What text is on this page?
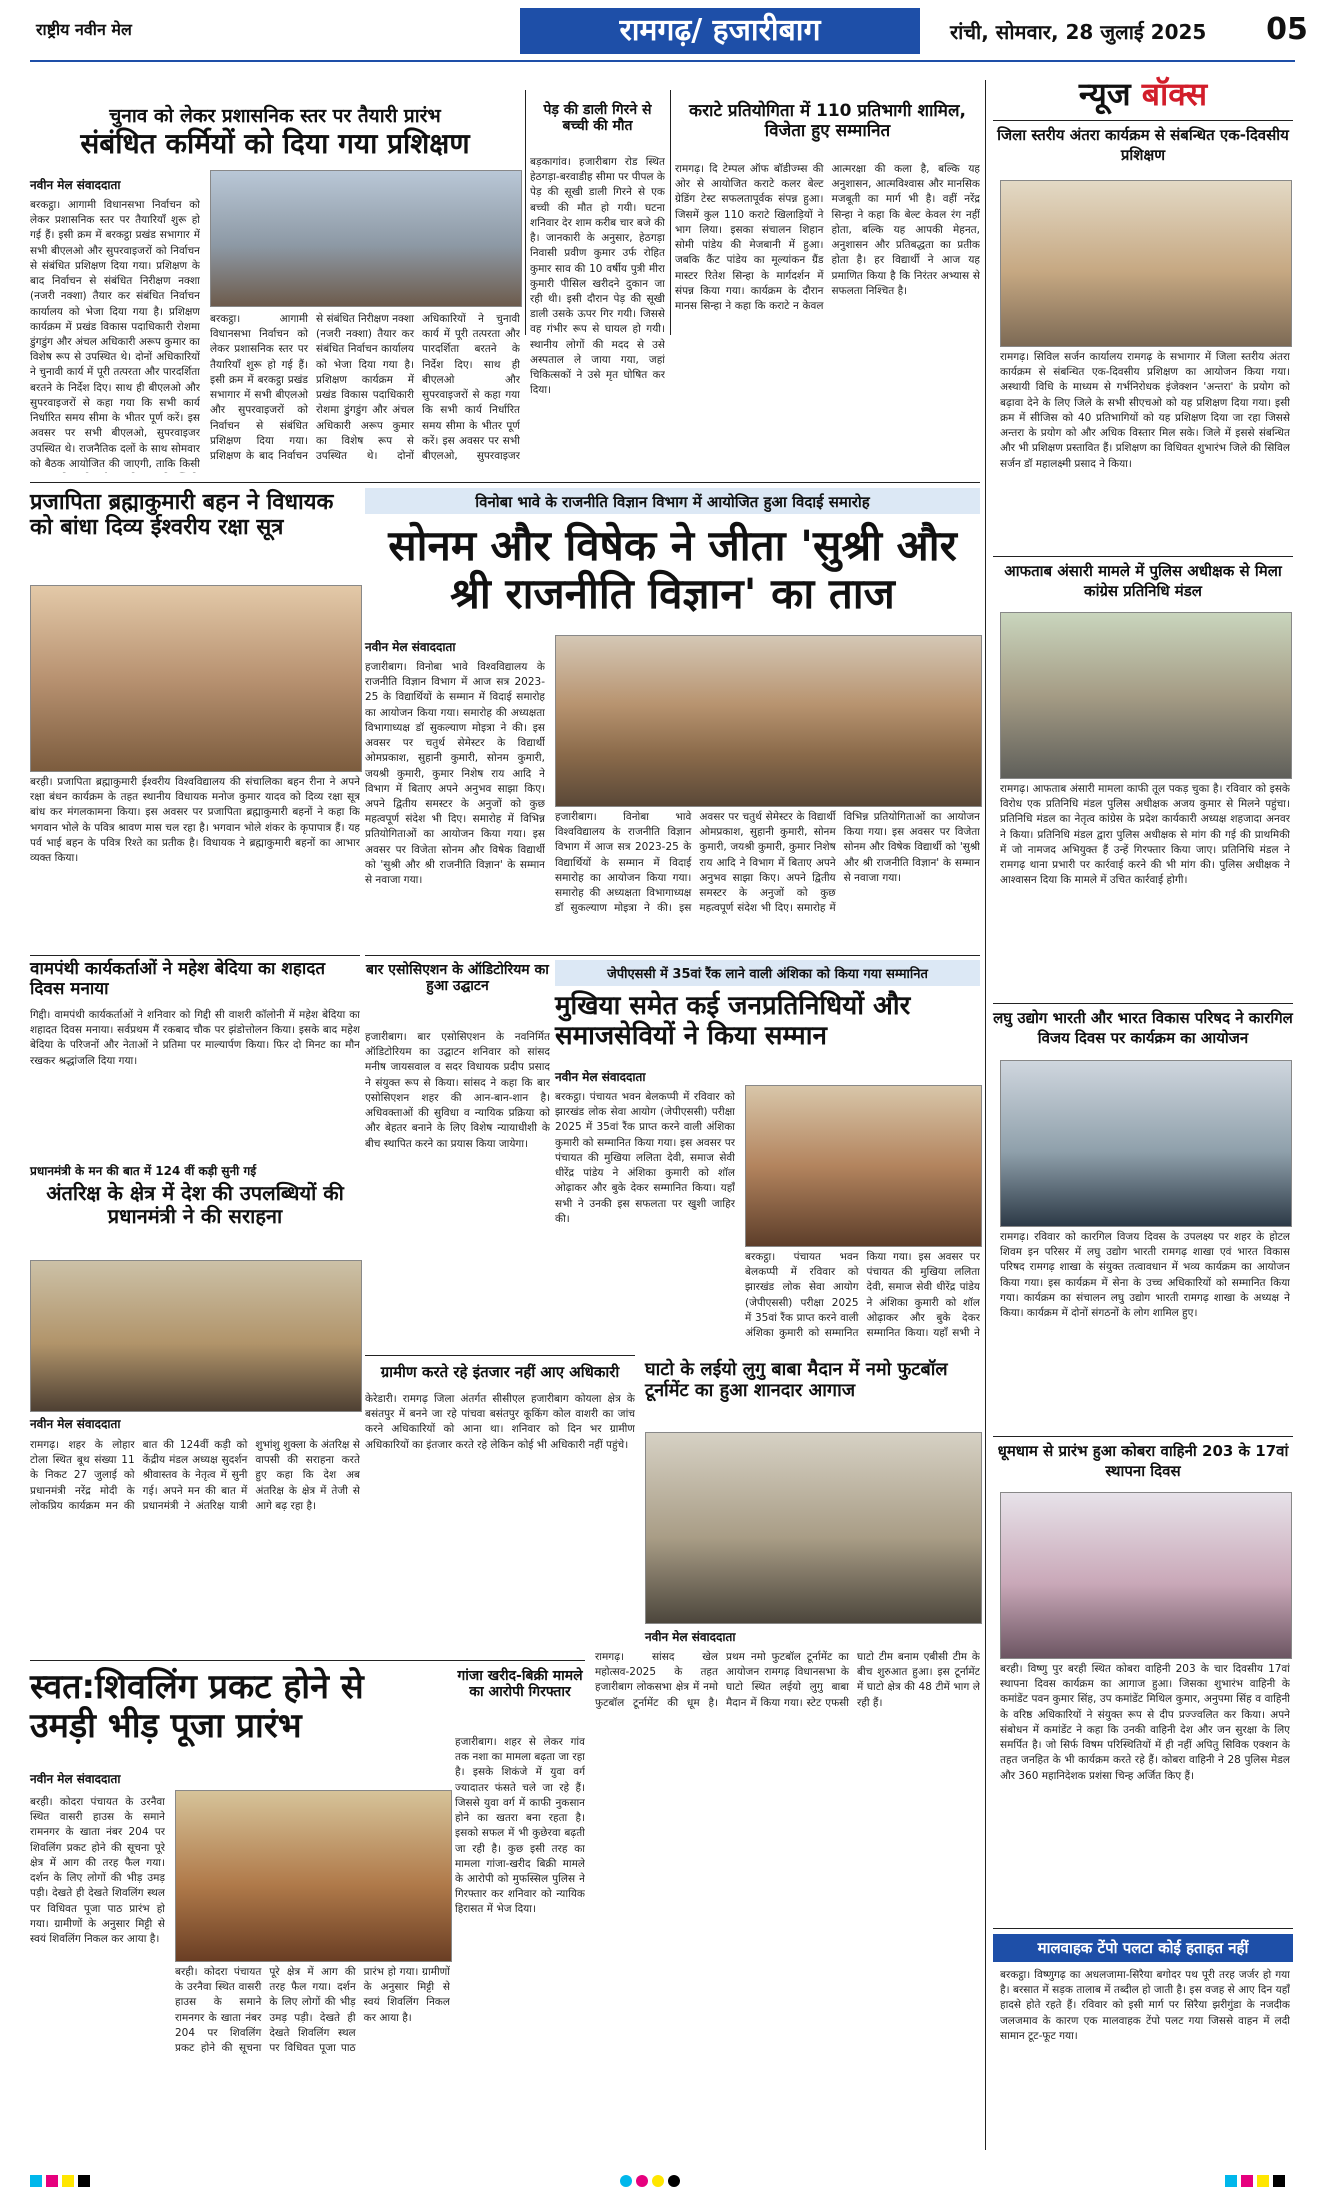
राष्ट्रीय नवीन मेल	रामगढ़/ हजारीबाग	रांची, सोमवार, 28 जुलाई 2025 05
चुनाव को लेकर प्रशासनिक स्तर पर तैयारी प्रारंभ
संबंधित कर्मियों को दिया गया प्रशिक्षण
नवीन मेल संवाददाता
बरकट्ठा। आगामी विधानसभा निर्वाचन को लेकर प्रशासनिक स्तर पर तैयारियाँ शुरू हो गई हैं। इसी क्रम में बरकट्ठा प्रखंड सभागार में सभी बीएलओ और सुपरवाइजरों को निर्वाचन से संबंधित प्रशिक्षण दिया गया। प्रशिक्षण के बाद निर्वाचन से संबंधित निरीक्षण नक्शा (नजरी नक्शा) तैयार कर संबंधित निर्वाचन कार्यालय को भेजा दिया गया है। प्रशिक्षण कार्यक्रम में प्रखंड विकास पदाधिकारी रोशमा डुंगडुंग और अंचल अधिकारी अरूप कुमार का विशेष रूप से उपस्थित थे। दोनों अधिकारियों ने चुनावी कार्य में पूरी तत्परता और पारदर्शिता बरतने के निर्देश दिए। साथ ही बीएलओ और सुपरवाइजरों से कहा गया कि सभी कार्य निर्धारित समय सीमा के भीतर पूर्ण करें। इस अवसर पर सभी बीएलओ, सुपरवाइजर उपस्थित थे। राजनैतिक दलों के साथ सोमवार को बैठक आयोजित की जाएगी, ताकि किसी
बरकट्ठा। आगामी विधानसभा निर्वाचन को लेकर प्रशासनिक स्तर पर तैयारियाँ शुरू हो गई हैं। इसी क्रम में बरकट्ठा प्रखंड सभागार में सभी बीएलओ और सुपरवाइजरों को निर्वाचन से संबंधित प्रशिक्षण दिया गया। प्रशिक्षण के बाद निर्वाचन से संबंधित निरीक्षण नक्शा (नजरी नक्शा) तैयार कर संबंधित निर्वाचन कार्यालय को भेजा दिया गया है। प्रशिक्षण कार्यक्रम में प्रखंड विकास पदाधिकारी रोशमा डुंगडुंग और अंचल अधिकारी अरूप कुमार का विशेष रूप से उपस्थित थे। दोनों अधिकारियों ने चुनावी कार्य में पूरी तत्परता और पारदर्शिता बरतने के निर्देश दिए। साथ ही बीएलओ और सुपरवाइजरों से कहा गया कि सभी कार्य निर्धारित समय सीमा के भीतर पूर्ण करें। इस अवसर पर सभी बीएलओ, सुपरवाइजर
पेड़ की डाली गिरने से बच्ची की मौत
बड़कागांव। हजारीबाग रोड स्थित हेठगड़ा-बरवाडीह सीमा पर पीपल के पेड़ की सूखी डाली गिरने से एक बच्ची की मौत हो गयी। घटना शनिवार देर शाम करीब चार बजे की है। जानकारी के अनुसार, हेठगड़ा निवासी प्रवीण कुमार उर्फ रोहित कुमार साव की 10 वर्षीय पुत्री मीरा कुमारी पीसिल खरीदने दुकान जा रही थी। इसी दौरान पेड़ की सूखी डाली उसके ऊपर गिर गयी। जिससे वह गंभीर रूप से घायल हो गयी। स्थानीय लोगों की मदद से उसे अस्पताल ले जाया गया, जहां चिकित्सकों ने उसे मृत घोषित कर दिया।
कराटे प्रतियोगिता में 110 प्रतिभागी शामिल, विजेता हुए सम्मानित
रामगढ़। दि टेम्पल ऑफ बॉडीज्म्स की ओर से आयोजित कराटे कलर बेल्ट ग्रेडिंग टेस्ट सफलतापूर्वक संपन्न हुआ। जिसमें कुल 110 कराटे खिलाड़ियों ने भाग लिया। इसका संचालन शिहान सोमी पांडेय की मेजबानी में हुआ। जबकि कैंट पांडेय का मूल्यांकन ग्रैंड मास्टर रितेश सिन्हा के मार्गदर्शन में संपन्न किया गया। कार्यक्रम के दौरान मानस सिन्हा ने कहा कि कराटे न केवल आत्मरक्षा की कला है, बल्कि यह अनुशासन, आत्मविश्वास और मानसिक मजबूती का मार्ग भी है। वहीं नरेंद्र सिन्हा ने कहा कि बेल्ट केवल रंग नहीं होता, बल्कि यह आपकी मेहनत, अनुशासन और प्रतिबद्धता का प्रतीक होता है। हर विद्यार्थी ने आज यह प्रमाणित किया है कि निरंतर अभ्यास से सफलता निश्चित है।
न्यूज बॉक्स
जिला स्तरीय अंतरा कार्यक्रम से संबन्धित एक-दिवसीय प्रशिक्षण
रामगढ़। सिविल सर्जन कार्यालय रामगढ़ के सभागार में जिला स्तरीय अंतरा कार्यक्रम से संबन्धित एक-दिवसीय प्रशिक्षण का आयोजन किया गया। अस्थायी विधि के माध्यम से गर्भनिरोधक इंजेक्शन 'अन्तरा' के प्रयोग को बढ़ावा देने के लिए जिले के सभी सीएचओ को यह प्रशिक्षण दिया गया। इसी क्रम में सीजिस को 40 प्रतिभागियों को यह प्रशिक्षण दिया जा रहा जिससे अन्तरा के प्रयोग को और अधिक विस्तार मिल सके। जिले में इससे संबन्धित और भी प्रशिक्षण प्रस्तावित हैं। प्रशिक्षण का विधिवत शुभारंभ जिले की सिविल सर्जन डॉ महालक्ष्मी प्रसाद ने किया।
आफताब अंसारी मामले में पुलिस अधीक्षक से मिला कांग्रेस प्रतिनिधि मंडल
रामगढ़। आफताब अंसारी मामला काफी तूल पकड़ चुका है। रविवार को इसके विरोध एक प्रतिनिधि मंडल पुलिस अधीक्षक अजय कुमार से मिलने पहुंचा। प्रतिनिधि मंडल का नेतृत्व कांग्रेस के प्रदेश कार्यकारी अध्यक्ष शहजादा अनवर ने किया। प्रतिनिधि मंडल द्वारा पुलिस अधीक्षक से मांग की गई की प्राथमिकी में जो नामजद अभियुक्त हैं उन्हें गिरफ्तार किया जाए। प्रतिनिधि मंडल ने रामगढ़ थाना प्रभारी पर कार्रवाई करने की भी मांग की। पुलिस अधीक्षक ने आश्वासन दिया कि मामले में उचित कार्रवाई होगी।
लघु उद्योग भारती और भारत विकास परिषद ने कारगिल विजय दिवस पर कार्यक्रम का आयोजन
रामगढ़। रविवार को कारगिल विजय दिवस के उपलक्ष्य पर शहर के होटल शिवम इन परिसर में लघु उद्योग भारती रामगढ़ शाखा एवं भारत विकास परिषद रामगढ़ शाखा के संयुक्त तत्वावधान में भव्य कार्यक्रम का आयोजन किया गया। इस कार्यक्रम में सेना के उच्च अधिकारियों को सम्मानित किया गया। कार्यक्रम का संचालन लघु उद्योग भारती रामगढ़ शाखा के अध्यक्ष ने किया। कार्यक्रम में दोनों संगठनों के लोग शामिल हुए।
धूमधाम से प्रारंभ हुआ कोबरा वाहिनी 203 के 17वां स्थापना दिवस
बरही। विष्णु पुर बरही स्थित कोबरा वाहिनी 203 के चार दिवसीय 17वां स्थापना दिवस कार्यक्रम का आगाज हुआ। जिसका शुभारंभ वाहिनी के कमांडेंट पवन कुमार सिंह, उप कमांडेंट मिथिल कुमार, अनुपमा सिंह व वाहिनी के वरिष्ठ अधिकारियों ने संयुक्त रूप से दीप प्रज्ज्वलित कर किया। अपने संबोधन में कमांडेंट ने कहा कि उनकी वाहिनी देश और जन सुरक्षा के लिए समर्पित है। जो सिर्फ विषम परिस्थितियों में ही नहीं अपितु सिविक एक्शन के तहत जनहित के भी कार्यक्रम करते रहे हैं। कोबरा वाहिनी ने 28 पुलिस मेडल और 360 महानिदेशक प्रशंसा चिन्ह अर्जित किए हैं।
मालवाहक टेंपो पलटा कोई हताहत नहीं
बरकट्ठा। विष्णुगढ़ का अधलजामा-सिरैया बगोदर पथ पूरी तरह जर्जर हो गया है। बरसात में सड़क तालाब में तब्दील हो जाती है। इस वजह से आए दिन यहाँ हादसे होते रहते हैं। रविवार को इसी मार्ग पर सिरैया झरीगुंडा के नजदीक जलजमाव के कारण एक मालवाहक टेंपो पलट गया जिससे वाहन में लदी सामान टूट-फूट गया।
प्रजापिता ब्रह्माकुमारी बहन ने विधायक को बांधा दिव्य ईश्वरीय रक्षा सूत्र
बरही। प्रजापिता ब्रह्माकुमारी ईश्वरीय विश्वविद्यालय की संचालिका बहन रीना ने अपने रक्षा बंधन कार्यक्रम के तहत स्थानीय विधायक मनोज कुमार यादव को दिव्य रक्षा सूत्र बांध कर मंगलकामना किया। इस अवसर पर प्रजापिता ब्रह्माकुमारी बहनों ने कहा कि भगवान भोले के पवित्र श्रावण मास चल रहा है। भगवान भोले शंकर के कृपापात्र हैं। यह पर्व भाई बहन के पवित्र रिश्ते का प्रतीक है। विधायक ने ब्रह्माकुमारी बहनों का आभार व्यक्त किया।
विनोबा भावे के राजनीति विज्ञान विभाग में आयोजित हुआ विदाई समारोह
सोनम और विषेक ने जीता 'सुश्री और श्री राजनीति विज्ञान' का ताज
नवीन मेल संवाददाता
हजारीबाग। विनोबा भावे विश्वविद्यालय के राजनीति विज्ञान विभाग में आज सत्र 2023-25 के विद्यार्थियों के सम्मान में विदाई समारोह का आयोजन किया गया। समारोह की अध्यक्षता विभागाध्यक्ष डॉ सुकल्याण मोइत्रा ने की। इस अवसर पर चतुर्थ सेमेस्टर के विद्यार्थी ओमप्रकाश, सुहानी कुमारी, सोनम कुमारी, जयश्री कुमारी, कुमार निशेष राय आदि ने विभाग में बिताए अपने अनुभव साझा किए। अपने द्वितीय समस्टर के अनुजों को कुछ महत्वपूर्ण संदेश भी दिए। समारोह में विभिन्न प्रतियोगिताओं का आयोजन किया गया। इस अवसर पर विजेता सोनम और विषेक विद्यार्थी को 'सुश्री और श्री राजनीति विज्ञान' के सम्मान से नवाजा गया।
हजारीबाग। विनोबा भावे विश्वविद्यालय के राजनीति विज्ञान विभाग में आज सत्र 2023-25 के विद्यार्थियों के सम्मान में विदाई समारोह का आयोजन किया गया। समारोह की अध्यक्षता विभागाध्यक्ष डॉ सुकल्याण मोइत्रा ने की। इस अवसर पर चतुर्थ सेमेस्टर के विद्यार्थी ओमप्रकाश, सुहानी कुमारी, सोनम कुमारी, जयश्री कुमारी, कुमार निशेष राय आदि ने विभाग में बिताए अपने अनुभव साझा किए। अपने द्वितीय समस्टर के अनुजों को कुछ महत्वपूर्ण संदेश भी दिए। समारोह में विभिन्न प्रतियोगिताओं का आयोजन किया गया। इस अवसर पर विजेता सोनम और विषेक विद्यार्थी को 'सुश्री और श्री राजनीति विज्ञान' के सम्मान से नवाजा गया।
वामपंथी कार्यकर्ताओं ने महेश बेदिया का शहादत दिवस मनाया
गिद्दी। वामपंथी कार्यकर्ताओं ने शनिवार को गिद्दी सी वाशरी कॉलोनी में महेश बेदिया का शहादत दिवस मनाया। सर्वप्रथम मैं रकबाद चौक पर झंडोत्तोलन किया। इसके बाद महेश बेदिया के परिजनों और नेताओं ने प्रतिमा पर माल्यार्पण किया। फिर दो मिनट का मौन रखकर श्रद्धांजलि दिया गया।
प्रधानमंत्री के मन की बात में 124 वीं कड़ी सुनी गई
अंतरिक्ष के क्षेत्र में देश की उपलब्धियों की प्रधानमंत्री ने की सराहना
नवीन मेल संवाददाता
रामगढ़। शहर के लोहार टोला स्थित बूथ संख्या 11 के निकट 27 जुलाई को प्रधानमंत्री नरेंद्र मोदी के लोकप्रिय कार्यक्रम मन की बात की 124वीं कड़ी को केंद्रीय मंडल अध्यक्ष सुदर्शन श्रीवास्तव के नेतृत्व में सुनी गई। अपने मन की बात में प्रधानमंत्री ने अंतरिक्ष यात्री शुभांशु शुक्ला के अंतरिक्ष से वापसी की सराहना करते हुए कहा कि देश अब अंतरिक्ष के क्षेत्र में तेजी से आगे बढ़ रहा है।
बार एसोसिएशन के ऑडिटोरियम का हुआ उद्घाटन
हजारीबाग। बार एसोसिएशन के नवनिर्मित ऑडिटोरियम का उद्घाटन शनिवार को सांसद मनीष जायसवाल व सदर विधायक प्रदीप प्रसाद ने संयुक्त रूप से किया। सांसद ने कहा कि बार एसोसिएशन शहर की आन-बान-शान है। अधिवक्ताओं की सुविधा व न्यायिक प्रक्रिया को और बेहतर बनाने के लिए विशेष न्यायाधीशी के बीच स्थापित करने का प्रयास किया जायेगा।
जेपीएससी में 35वां रैंक लाने वाली अंशिका को किया गया सम्मानित
मुखिया समेत कई जनप्रतिनिधियों और समाजसेवियों ने किया सम्मान
नवीन मेल संवाददाता
बरकट्ठा। पंचायत भवन बेलकप्पी में रविवार को झारखंड लोक सेवा आयोग (जेपीएससी) परीक्षा 2025 में 35वां रैंक प्राप्त करने वाली अंशिका कुमारी को सम्मानित किया गया। इस अवसर पर पंचायत की मुखिया ललिता देवी, समाज सेवी धीरेंद्र पांडेय ने अंशिका कुमारी को शॉल ओढ़ाकर और बुके देकर सम्मानित किया। यहाँ सभी ने उनकी इस सफलता पर खुशी जाहिर की।
बरकट्ठा। पंचायत भवन बेलकप्पी में रविवार को झारखंड लोक सेवा आयोग (जेपीएससी) परीक्षा 2025 में 35वां रैंक प्राप्त करने वाली अंशिका कुमारी को सम्मानित किया गया। इस अवसर पर पंचायत की मुखिया ललिता देवी, समाज सेवी धीरेंद्र पांडेय ने अंशिका कुमारी को शॉल ओढ़ाकर और बुके देकर सम्मानित किया। यहाँ सभी ने
ग्रामीण करते रहे इंतजार नहीं आए अधिकारी
केरेडारी। रामगढ़ जिला अंतर्गत सीसीएल हजारीबाग कोयला क्षेत्र के बसंतपुर में बनने जा रहे पांचवा बसंतपुर कूकिंग कोल वाशरी का जांच करने अधिकारियों को आना था। शनिवार को दिन भर ग्रामीण अधिकारियों का इंतजार करते रहे लेकिन कोई भी अधिकारी नहीं पहुंचे।
घाटो के लईयो लुगु बाबा मैदान में नमो फुटबॉल टूर्नामेंट का हुआ शानदार आगाज
नवीन मेल संवाददाता
स्वत:शिवलिंग प्रकट होने से उमड़ी भीड़ पूजा प्रारंभ
नवीन मेल संवाददाता
बरही। कोदरा पंचायत के उरनैवा स्थित वासरी हाउस के समाने रामनगर के खाता नंबर 204 पर शिवलिंग प्रकट होने की सूचना पूरे क्षेत्र में आग की तरह फैल गया। दर्शन के लिए लोगों की भीड़ उमड़ पड़ी। देखते ही देखते शिवलिंग स्थल पर विधिवत पूजा पाठ प्रारंभ हो गया। ग्रामीणों के अनुसार मिट्टी से स्वयं शिवलिंग निकल कर आया है।
बरही। कोदरा पंचायत के उरनैवा स्थित वासरी हाउस के समाने रामनगर के खाता नंबर 204 पर शिवलिंग प्रकट होने की सूचना पूरे क्षेत्र में आग की तरह फैल गया। दर्शन के लिए लोगों की भीड़ उमड़ पड़ी। देखते ही देखते शिवलिंग स्थल पर विधिवत पूजा पाठ प्रारंभ हो गया। ग्रामीणों के अनुसार मिट्टी से स्वयं शिवलिंग निकल कर आया है।
गांजा खरीद-बिक्री मामले का आरोपी गिरफ्तार
हजारीबाग। शहर से लेकर गांव तक नशा का मामला बढ़ता जा रहा है। इसके शिकंजे में युवा वर्ग ज्यादातर फंसते चले जा रहे हैं। जिससे युवा वर्ग में काफी नुकसान होने का खतरा बना रहता है। इसको सफल में भी कुछेरवा बढ़ती जा रही है। कुछ इसी तरह का मामला गांजा-खरीद बिक्री मामले के आरोपी को मुफस्सिल पुलिस ने गिरफ्तार कर शनिवार को न्यायिक हिरासत में भेज दिया।
रामगढ़। सांसद खेल महोत्सव-2025 के तहत हजारीबाग लोकसभा क्षेत्र में नमो फुटबॉल टूर्नामेंट की धूम है। प्रथम नमो फुटबॉल टूर्नामेंट का आयोजन रामगढ़ विधानसभा के घाटो स्थित लईयो लुगु बाबा मैदान में किया गया। स्टेट एफसी घाटो टीम बनाम एबीसी टीम के बीच शुरुआत हुआ। इस टूर्नामेंट में घाटो क्षेत्र की 48 टीमें भाग ले रही हैं।
